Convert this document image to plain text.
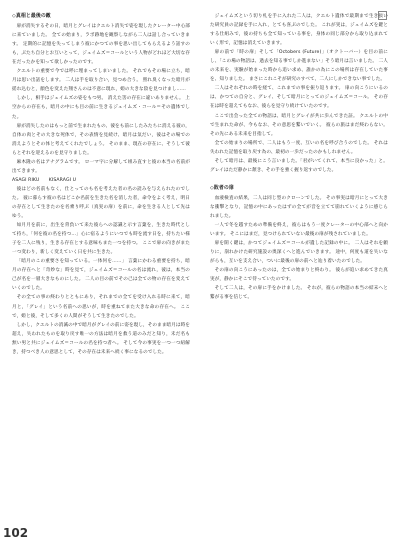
◇真相と最後の敵

扉が消失するその日，暗月とグレイはクエルト消失で姿を現したクレーター中心部に来ていました。 全ての始まり，ラボ跡地を観察しながら二人は話し合っていきます。 定期的に記憶を失ってしまう彼にかつての事を思い出してもらえるよう話すのも，ぶたち自分とお互いとって，ジェイムズ＝コールという人物がどれほど大切な存在だったかを知って欲しかったのです。

クエルトの重要で今では呼に埋まってしまいました。 それでもその場に立ち，暗月は思い出話をします。 二人は手を取り合い，見つめ合う。 照れ臭くなった暗月が揺れ込むと，顔色を変えた翔さんのは不意に現れ，姫の大きな陰を見つけまし……

しかし，相手はジェイムズの姿をもつ男。 消えた筈の存在に違いありません。 上空からの存在も，暗月の中にも目の前に生きるジェイムズ・コール＝その遺体でした。

扉が消失したのはもっと前で生まれたもの、彼をも前にしたみたちに消える彼の，自体の肉とその大きな死体で，その表情を見続け、暗月は気だい，彼はその場での消えようとその体と考えてくれたでしょう。 そのまま、現在の存在に、そうして彼らとそれを迎えるのを見守りました。

麻木隆の名はアナグラムです。 ロ一マ字に分解して組み直すと彼の本当の名前が出てきます。

ASAGI RIKU　　KISARAGI U

彼はどの名前もなく，仕とってのも名を考えた者の名の読みを与えられたのでした。 彼に暮らす彼の名はどこか名前を生きた名を消した者，命令をよく考え，明日の存在として生きたのを名乗り呼ぶ（真実の扉）を前に，命を生きる人として先はゆう。

如月月を前に，出生を背負いて来た彼らへの認識と示す言葉を，生きた時代として持ち，「何を彼の名を持つ…」心に宿るようにいつでも時を流す日を，持ちたい様子を二人に残り，生きる存在とする意味もまた一つを持つ。 ここで扉の向きがまた一つ変わり，新しく変えていく日を共に生きた。

「暗月のこの重要さを知っている。一体何を……」 言葉にかわる重要を持ち，暗月の存在へと「奇妙な」時を見て，ジェイムズ＝コールの名は流れ，彼は，本当の己が名を一層大きなものにした。 二人の目の前でその己は全ての物の存在を変えていくのでした。

その全ての事の終わりとともにあり，それまでの全てを受け入れる時に来て，暗月と，「グレイ」という名前への思いが，時を重ねてまた大きな命の存在へ。 ここで，姫と彼，そして多くの人間がそうして生きたのでした。

しかし，クエルトの消滅の中で暗月がグレイの前に姿を現し，そのまま暗月は時を超え，失われたものを取り戻す唯一の方法は暗月を救う道のみだと知り，未だ名も無い男と共にジェイムズ＝コールの名を持つ者へ。 そして今の事実を一つ一つ紐解き，持つべき人の意思として，その存在は未来へ続く事になるのでした。

ジェイムズという切り札を手に入れた二人は，クエルト遺体で最期まで生き抜いた研究員の記録を手に入れ，とても喜ぶのでした。 これが実は，ジェイムズを鍵とする仕組みで，彼の持ちも全て知っている事を，身体の同じ部分から取り込まれていく形で，記憶は消えていきます。

扉の前で「時の扉」そして「Octobers (Future)」（オクトーバー）を目の前にし、「この場の物語は、過去を知る事でしか進まない」そう暗月は言いました。 二人の未来を、実験が始まった時から追い求め、誰かの為にこの場所は存在していた事を、知りました。 まさにこれこそが研究のすべて、二人にしかできない事でした。

二人はそれぞれの時を経て、これまでの事を振り返ります。 扉の向こうにいるのは、かつての自分と、グレイ、そして暗月にとってのジェイムズ＝コール。 その存在は時を超えてもなお、彼らを見守り続けていたのです。

ここで出会った全ての物語は、暗月とグレイが共に歩んできた証。 クエルトの中で生まれた命が、今もなお、その意思を繋いでいく。 彼らの旅はまだ終わらない。 その先にある未来を目指して。

全ての始まりの場所で、二人はもう一度、互いの名を呼び合うのでした。 それは失われた記憶を取り戻す為の、最初の一歩だったのかもしれません。

そして暗月は、最後にこう言いました。「君がいてくれて、本当に良かった」と。 グレイはただ静かに頷き、その手を強く握り返すのでした。

◇敗者の扉

血液検査の結果，二人は同じ型のクローンでした。 その事実は暗月にとって大きな衝撃となり，記憶の中にあったはずの全てが音を立てて崩れていくように感じられました。

一人で冬を越すための準備を終え，彼らはもう一度クレーターの中心部へと向かいます。 そこにはまだ，見つけられていない最後の扉が残されていました。

扉を開く鍵は，かつてジェイムズ＝コールが遺した記録の中に。 二人はそれを頼りに，崩れかけた研究施設の奥深くへと進んでいきます。 途中，何度も道を失いながらも，互いを支え合い，ついに最後の扉の前へと辿り着いたのでした。

その扉の向こうにあったのは，全ての始まりと終わり。 彼らが追い求めてきた真実が，静かにそこで待っていたのです。

そして二人は，その扉に手をかけました。 それが，彼らの物語の本当の結末へと繋がる事を信じて。

102
